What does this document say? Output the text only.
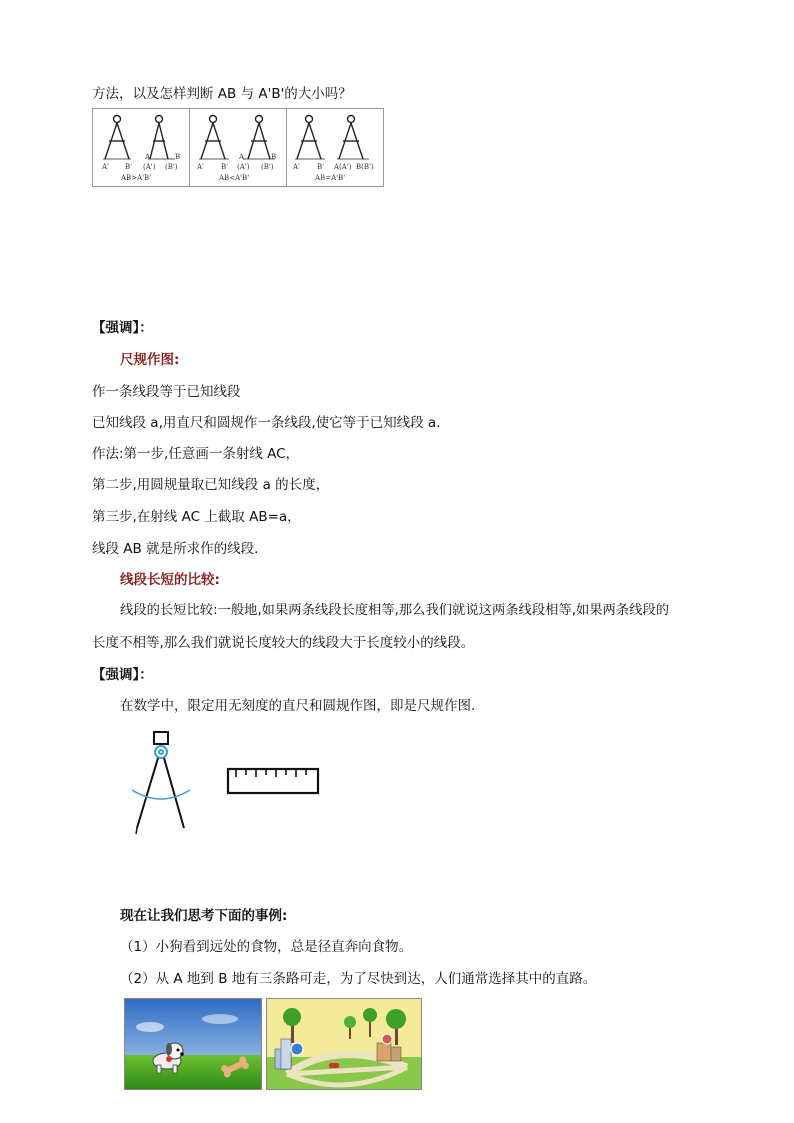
方法，以及怎样判断 AB 与 A'B'的大小吗？
A' B'
A	B
(A') (B')
AB>A'B'
A' B'
A	B
(A') (B')
AB<A'B'
A' B' A(A') B(B')
AB=A'B'
【强调】：
尺规作图:
作一条线段等于已知线段
已知线段 a,用直尺和圆规作一条线段,使它等于已知线段 a.
作法:第一步,任意画一条射线 AC，
第二步,用圆规量取已知线段 a 的长度，
第三步,在射线 AC 上截取 AB=a，
线段 AB 就是所求作的线段.
线段长短的比较:
线段的长短比较:一般地,如果两条线段长度相等,那么我们就说这两条线段相等,如果两条线段的
长度不相等,那么我们就说长度较大的线段大于长度较小的线段。
【强调】：
在数学中，限定用无刻度的直尺和圆规作图，即是尺规作图.
现在让我们思考下面的事例:
（1）小狗看到远处的食物，总是径直奔向食物。
（2）从 A 地到 B 地有三条路可走，为了尽快到达，人们通常选择其中的直路。
